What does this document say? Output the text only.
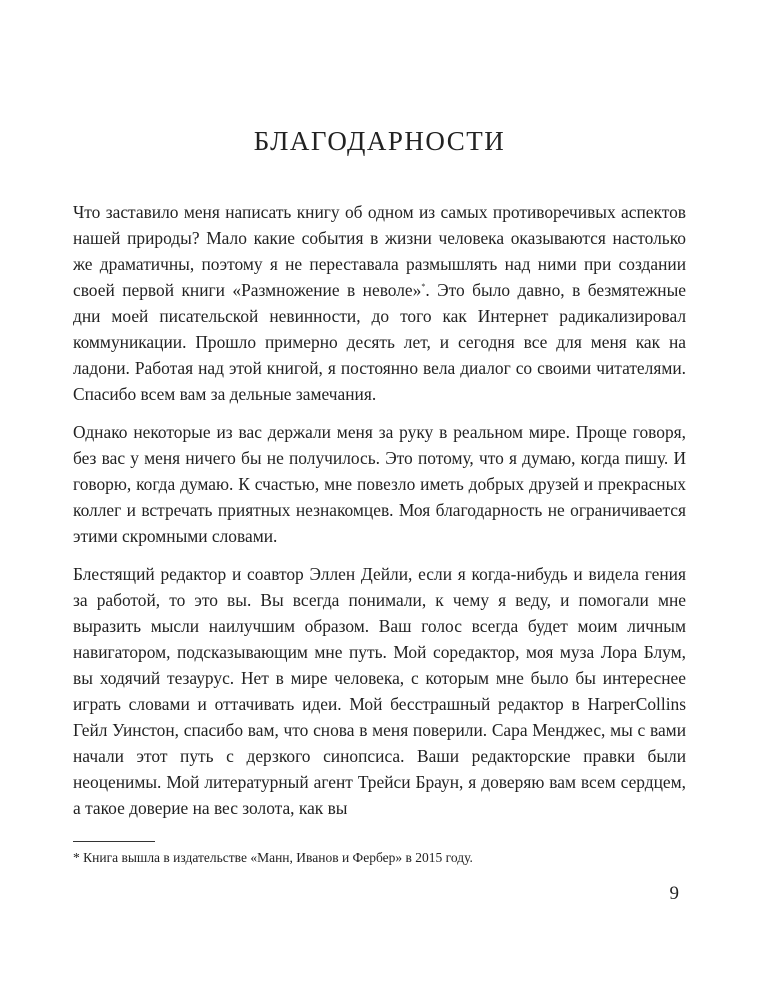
БЛАГОДАРНОСТИ

Что заставило меня написать книгу об одном из самых противоречивых аспектов нашей природы? Мало какие события в жизни человека оказываются настолько же драматичны, поэтому я не переставала размышлять над ними при создании своей первой книги «Размножение в неволе»*. Это было давно, в безмятежные дни моей писательской невинности, до того как Интернет радикализировал коммуникации. Прошло примерно десять лет, и сегодня все для меня как на ладони. Работая над этой книгой, я постоянно вела диалог со своими читателями. Спасибо всем вам за дельные замечания.

Однако некоторые из вас держали меня за руку в реальном мире. Проще говоря, без вас у меня ничего бы не получилось. Это потому, что я думаю, когда пишу. И говорю, когда думаю. К счастью, мне повезло иметь добрых друзей и прекрасных коллег и встречать приятных незнакомцев. Моя благодарность не ограничивается этими скромными словами.

Блестящий редактор и соавтор Эллен Дейли, если я когда-нибудь и видела гения за работой, то это вы. Вы всегда понимали, к чему я веду, и помогали мне выразить мысли наилучшим образом. Ваш голос всегда будет моим личным навигатором, подсказывающим мне путь. Мой соредактор, моя муза Лора Блум, вы ходячий тезаурус. Нет в мире человека, с которым мне было бы интереснее играть словами и оттачивать идеи. Мой бесстрашный редактор в HarperCollins Гейл Уинстон, спасибо вам, что снова в меня поверили. Сара Менджес, мы с вами начали этот путь с дерзкого синопсиса. Ваши редакторские правки были неоценимы. Мой литературный агент Трейси Браун, я доверяю вам всем сердцем, а такое доверие на вес золота, как вы

* Книга вышла в издательстве «Манн, Иванов и Фербер» в 2015 году.
9
